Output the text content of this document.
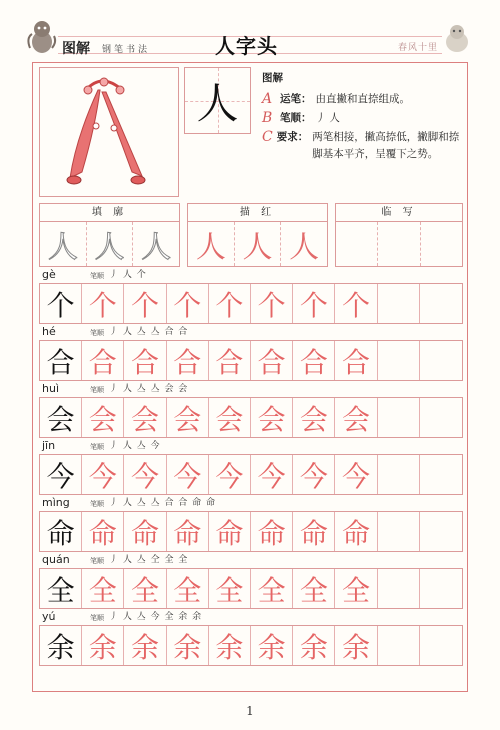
图解 钢笔书法	人字头	春风十里
人
图解
A 运笔： 由直撇和直捺组成。
B 笔顺： 丿 人
C 要求： 两笔相接，撇高捺低，撇脚和捺脚基本平齐，呈覆下之势。
填 廓
人 人 人
描 红
人 人 人
临 写
gè	笔顺 丿 人 个
个 个 个 个 个 个 个 个
hé	笔顺 丿 人 亼 亼 合 合
合 合 合 合 合 合 合 合
huì	笔顺 丿 人 亼 亼 会 会
会 会 会 会 会 会 会 会
jīn	笔顺 丿 人 亼 今
今 今 今 今 今 今 今 今
mìng	笔顺 丿 人 亼 亼 合 合 命 命
命 命 命 命 命 命 命 命
quán	笔顺 丿 人 亼 仝 全 全
全 全 全 全 全 全 全 全
yú	笔顺 丿 人 亼 今 全 余 余
余 余 余 余 余 余 余 余
1
